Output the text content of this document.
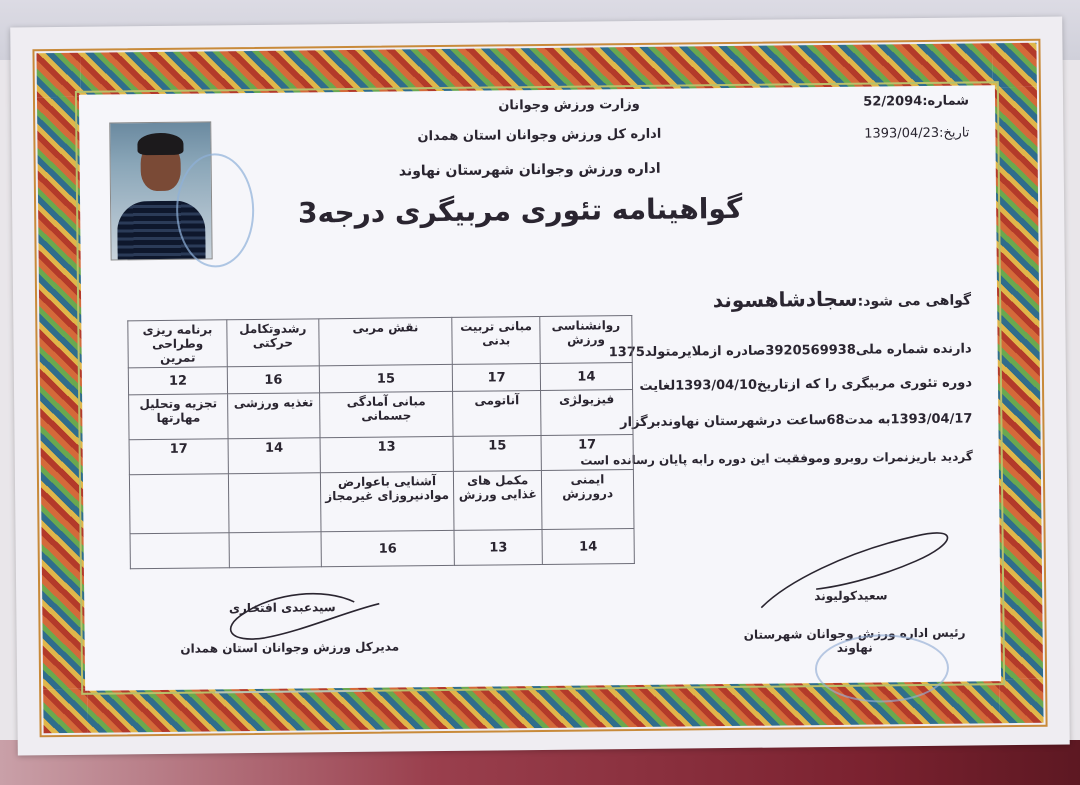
وزارت ورزش وجوانان	شماره:52/2094
تاریخ:1393/04/23
اداره کل ورزش وجوانان استان همدان
اداره ورزش وجوانان شهرستان نهاوند
گواهینامه تئوری مربیگری درجه3
گواهی می شود:سجادشاهسوند
دارنده شماره ملی3920569938صادره ازملایرمتولد1375
دوره تئوری مربیگری را که ازتاریخ1393/04/10لغایت
1393/04/17به مدت68ساعت درشهرستان نهاوندبرگزار
گردید باریزنمرات روبرو وموفقیت این دوره رابه پایان رسانده است
روانشناسی ورزش	مبانی تربیت بدنی	نقش مربی	رشدوتکامل حرکتی	برنامه ریزی وطراحی تمرین
14	17	15	16	12
فیزیولژی	آناتومی	مبانی آمادگی جسمانی	تغذیه ورزشی	تجزیه وتحلیل مهارتها
17	15	13	14	17
ایمنی درورزش	مکمل های غذایی ورزش	آشنایی باعوارض موادنیروزای غیرمجاز		
14	13	16		
سیدعبدی افتخاری
مدیرکل ورزش وجوانان استان همدان
سعیدکولیوند
رئیس اداره ورزش وجوانان شهرستان نهاوند
